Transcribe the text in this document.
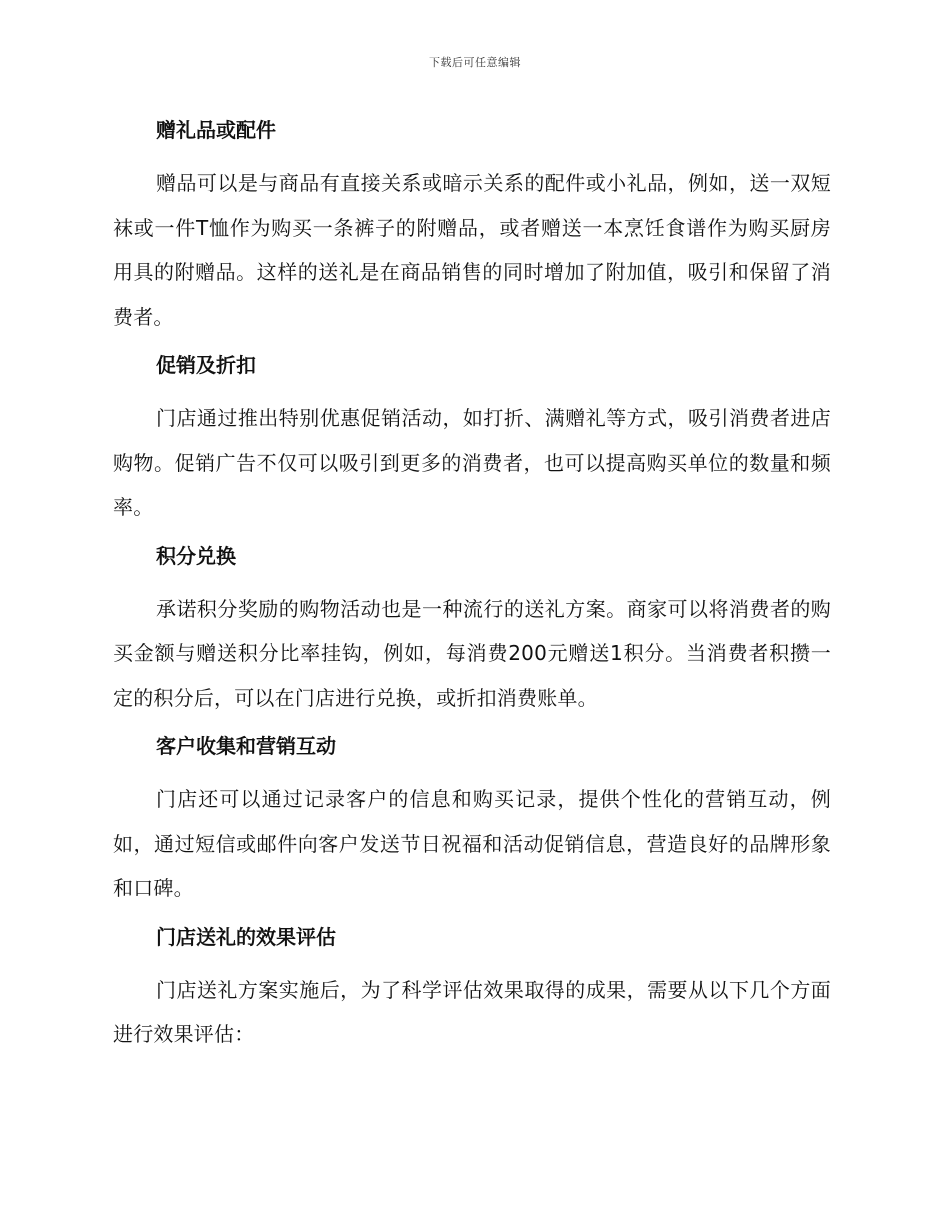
下载后可任意编辑
赠礼品或配件

赠品可以是与商品有直接关系或暗示关系的配件或小礼品，例如，送一双短袜或一件T恤作为购买一条裤子的附赠品，或者赠送一本烹饪食谱作为购买厨房用具的附赠品。这样的送礼是在商品销售的同时增加了附加值，吸引和保留了消费者。

促销及折扣

门店通过推出特别优惠促销活动，如打折、满赠礼等方式，吸引消费者进店购物。促销广告不仅可以吸引到更多的消费者，也可以提高购买单位的数量和频率。

积分兑换

承诺积分奖励的购物活动也是一种流行的送礼方案。商家可以将消费者的购买金额与赠送积分比率挂钩，例如，每消费200元赠送1积分。当消费者积攒一定的积分后，可以在门店进行兑换，或折扣消费账单。

客户收集和营销互动

门店还可以通过记录客户的信息和购买记录，提供个性化的营销互动，例如，通过短信或邮件向客户发送节日祝福和活动促销信息，营造良好的品牌形象和口碑。

门店送礼的效果评估

门店送礼方案实施后，为了科学评估效果取得的成果，需要从以下几个方面进行效果评估：
